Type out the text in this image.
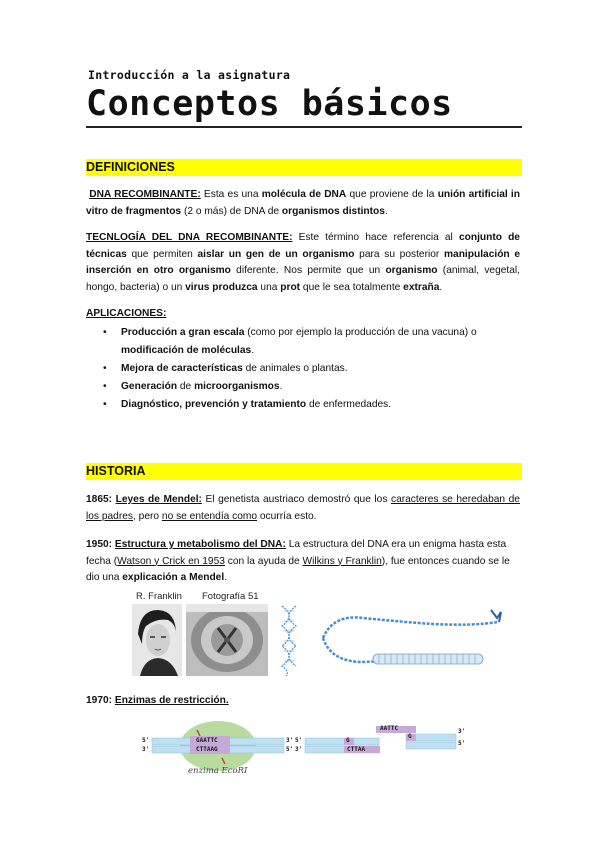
Introducción a la asignatura
Conceptos básicos
DEFINICIONES

DNA RECOMBINANTE: Esta es una molécula de DNA que proviene de la unión artificial in vitro de fragmentos (2 o más) de DNA de organismos distintos.

TECNLOGÍA DEL DNA RECOMBINANTE: Este término hace referencia al conjunto de técnicas que permiten aislar un gen de un organismo para su posterior manipulación e inserción en otro organismo diferente. Nos permite que un organismo (animal, vegetal, hongo, bacteria) o un virus produzca una prot que le sea totalmente extraña.

APLICACIONES:
• Producción a gran escala (como por ejemplo la producción de una vacuna) o modificación de moléculas.
• Mejora de características de animales o plantas.
• Generación de microorganismos.
• Diagnóstico, prevención y tratamiento de enfermedades.
HISTORIA

1865: Leyes de Mendel: El genetista austriaco demostró que los caracteres se heredaban de los padres, pero no se entendía como ocurría esto.

1950: Estructura y metabolismo del DNA: La estructura del DNA era un enigma hasta esta fecha (Watson y Crick en 1953 con la ayuda de Wilkins y Franklin), fue entonces cuando se le dio una explicación a Mendel.

R. Franklin Fotografía 51
.
1970: Enzimas de restricción.
GAATTC
CTTAAG
5'
3'
3'
5'
5'
3'
G
CTTAA
AATTC
G
3'
5'
enzima EcoRI
